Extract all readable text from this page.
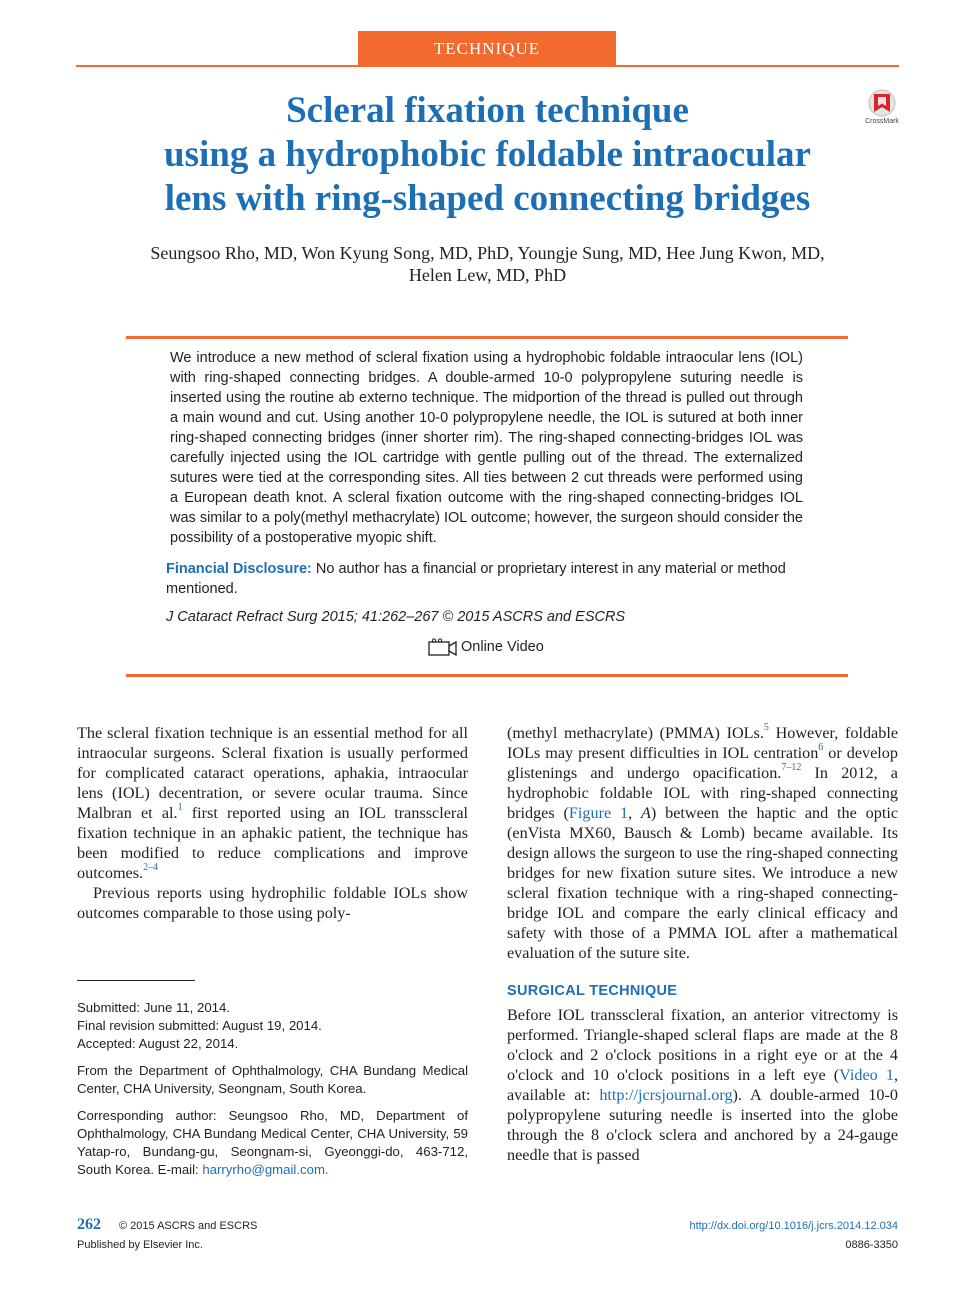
TECHNIQUE
Scleral fixation technique
using a hydrophobic foldable intraocular
lens with ring-shaped connecting bridges
CrossMark
Seungsoo Rho, MD, Won Kyung Song, MD, PhD, Youngje Sung, MD, Hee Jung Kwon, MD,
Helen Lew, MD, PhD
We introduce a new method of scleral fixation using a hydrophobic foldable intraocular lens (IOL) with ring-shaped connecting bridges. A double-armed 10-0 polypropylene suturing needle is inserted using the routine ab externo technique. The midportion of the thread is pulled out through a main wound and cut. Using another 10-0 polypropylene needle, the IOL is sutured at both inner ring-shaped connecting bridges (inner shorter rim). The ring-shaped connecting-bridges IOL was carefully injected using the IOL cartridge with gentle pulling out of the thread. The externalized sutures were tied at the corresponding sites. All ties between 2 cut threads were performed using a European death knot. A scleral fixation outcome with the ring-shaped connecting-bridges IOL was similar to a poly(methyl methacrylate) IOL outcome; however, the surgeon should consider the possibility of a postoperative myopic shift.
Financial Disclosure: No author has a financial or proprietary interest in any material or method mentioned.
J Cataract Refract Surg 2015; 41:262–267 © 2015 ASCRS and ESCRS
Online Video

The scleral fixation technique is an essential method for all intraocular surgeons. Scleral fixation is usually performed for complicated cataract operations, aphakia, intraocular lens (IOL) decentration, or severe ocular trauma. Since Malbran et al.$^1$ first reported using an IOL transscleral fixation technique in an aphakic patient, the technique has been modified to reduce complications and improve outcomes.$^{2-4}$

Previous reports using hydrophilic foldable IOLs show outcomes comparable to those using poly-

(methyl methacrylate) (PMMA) IOLs.$^5$ However, foldable IOLs may present difficulties in IOL centration$^6$ or develop glistenings and undergo opacification.$^{7-12}$ In 2012, a hydrophobic foldable IOL with ring-shaped connecting bridges (Figure 1, A) between the haptic and the optic (enVista MX60, Bausch & Lomb) became available. Its design allows the surgeon to use the ring-shaped connecting bridges for new fixation suture sites. We introduce a new scleral fixation technique with a ring-shaped connecting-bridge IOL and compare the early clinical efficacy and safety with those of a PMMA IOL after a mathematical evaluation of the suture site.

SURGICAL TECHNIQUE

Before IOL transscleral fixation, an anterior vitrectomy is performed. Triangle-shaped scleral flaps are made at the 8 o'clock and 2 o'clock positions in a right eye or at the 4 o'clock and 10 o'clock positions in a left eye (Video 1, available at: http://jcrsjournal.org). A double-armed 10-0 polypropylene suturing needle is inserted into the globe through the 8 o'clock sclera and anchored by a 24-gauge needle that is passed

Submitted: June 11, 2014.
Final revision submitted: August 19, 2014.
Accepted: August 22, 2014.

From the Department of Ophthalmology, CHA Bundang Medical Center, CHA University, Seongnam, South Korea.

Corresponding author: Seungsoo Rho, MD, Department of Ophthalmology, CHA Bundang Medical Center, CHA University, 59 Yatap-ro, Bundang-gu, Seongnam-si, Gyeonggi-do, 463-712, South Korea. E-mail: harryrho@gmail.com.

262 © 2015 ASCRS and ESCRS
Published by Elsevier Inc.
http://dx.doi.org/10.1016/j.jcrs.2014.12.034
0886-3350
